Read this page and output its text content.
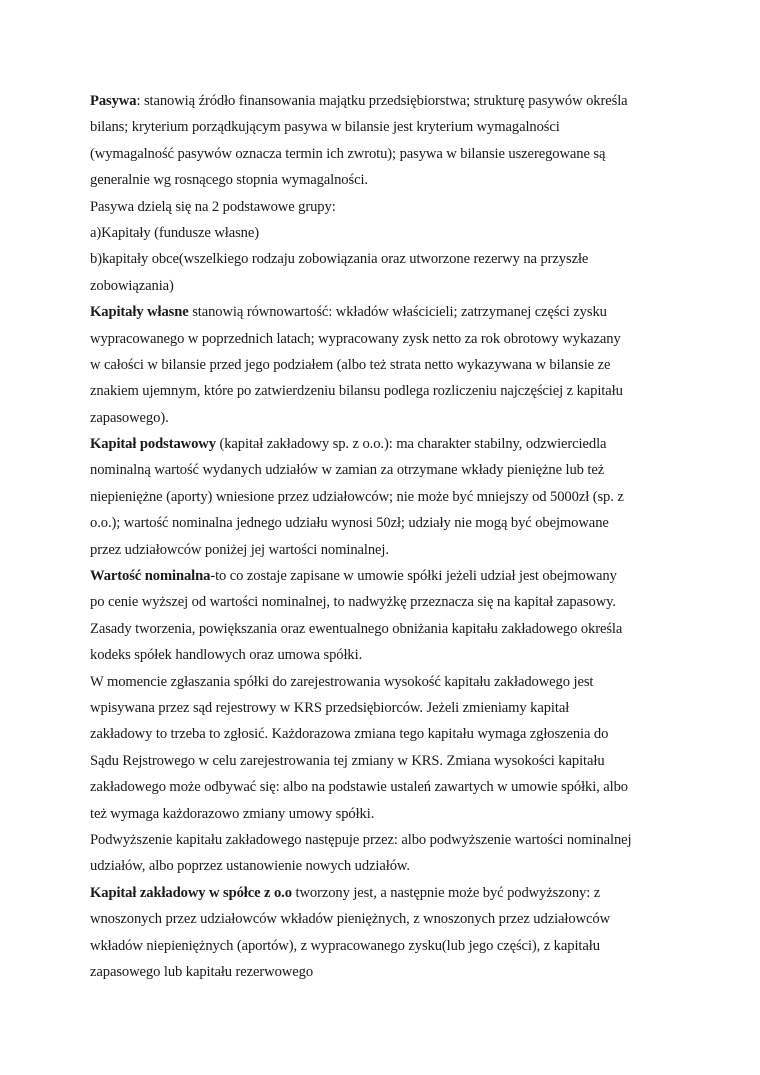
Pasywa: stanowią źródło finansowania majątku przedsiębiorstwa; strukturę pasywów określa
bilans; kryterium porządkującym pasywa w bilansie jest kryterium wymagalności
(wymagalność pasywów oznacza termin ich zwrotu); pasywa w bilansie uszeregowane są
generalnie wg rosnącego stopnia wymagalności.
Pasywa dzielą się na 2 podstawowe grupy:
a)Kapitały (fundusze własne)
b)kapitały obce(wszelkiego rodzaju zobowiązania oraz utworzone rezerwy na przyszłe
zobowiązania)
Kapitały własne stanowią równowartość: wkładów właścicieli; zatrzymanej części zysku
wypracowanego w poprzednich latach; wypracowany zysk netto za rok obrotowy wykazany
w całości w bilansie przed jego podziałem (albo też strata netto wykazywana w bilansie ze
znakiem ujemnym, które po zatwierdzeniu bilansu podlega rozliczeniu najczęściej z kapitału
zapasowego).
Kapitał podstawowy (kapitał zakładowy sp. z o.o.): ma charakter stabilny, odzwierciedla
nominalną wartość wydanych udziałów w zamian za otrzymane wkłady pieniężne lub też
niepieniężne (aporty) wniesione przez udziałowców; nie może być mniejszy od 5000zł (sp. z
o.o.); wartość nominalna jednego udziału wynosi 50zł; udziały nie mogą być obejmowane
przez udziałowców poniżej jej wartości nominalnej.
Wartość nominalna-to co zostaje zapisane w umowie spółki jeżeli udział jest obejmowany
po cenie wyższej od wartości nominalnej, to nadwyżkę przeznacza się na kapitał zapasowy.
Zasady tworzenia, powiększania oraz ewentualnego obniżania kapitału zakładowego określa
kodeks spółek handlowych oraz umowa spółki.
W momencie zgłaszania spółki do zarejestrowania wysokość kapitału zakładowego jest
wpisywana przez sąd rejestrowy w KRS przedsiębiorców. Jeżeli zmieniamy kapitał
zakładowy to trzeba to zgłosić. Każdorazowa zmiana tego kapitału wymaga zgłoszenia do
Sądu Rejstrowego w celu zarejestrowania tej zmiany w KRS. Zmiana wysokości kapitału
zakładowego może odbywać się: albo na podstawie ustaleń zawartych w umowie spółki, albo
też wymaga każdorazowo zmiany umowy spółki.
Podwyższenie kapitału zakładowego następuje przez: albo podwyższenie wartości nominalnej
udziałów, albo poprzez ustanowienie nowych udziałów.
Kapitał zakładowy w spółce z o.o tworzony jest, a następnie może być podwyższony: z
wnoszonych przez udziałowców wkładów pieniężnych, z wnoszonych przez udziałowców
wkładów niepieniężnych (aportów), z wypracowanego zysku(lub jego części), z kapitału
zapasowego lub kapitału rezerwowego
